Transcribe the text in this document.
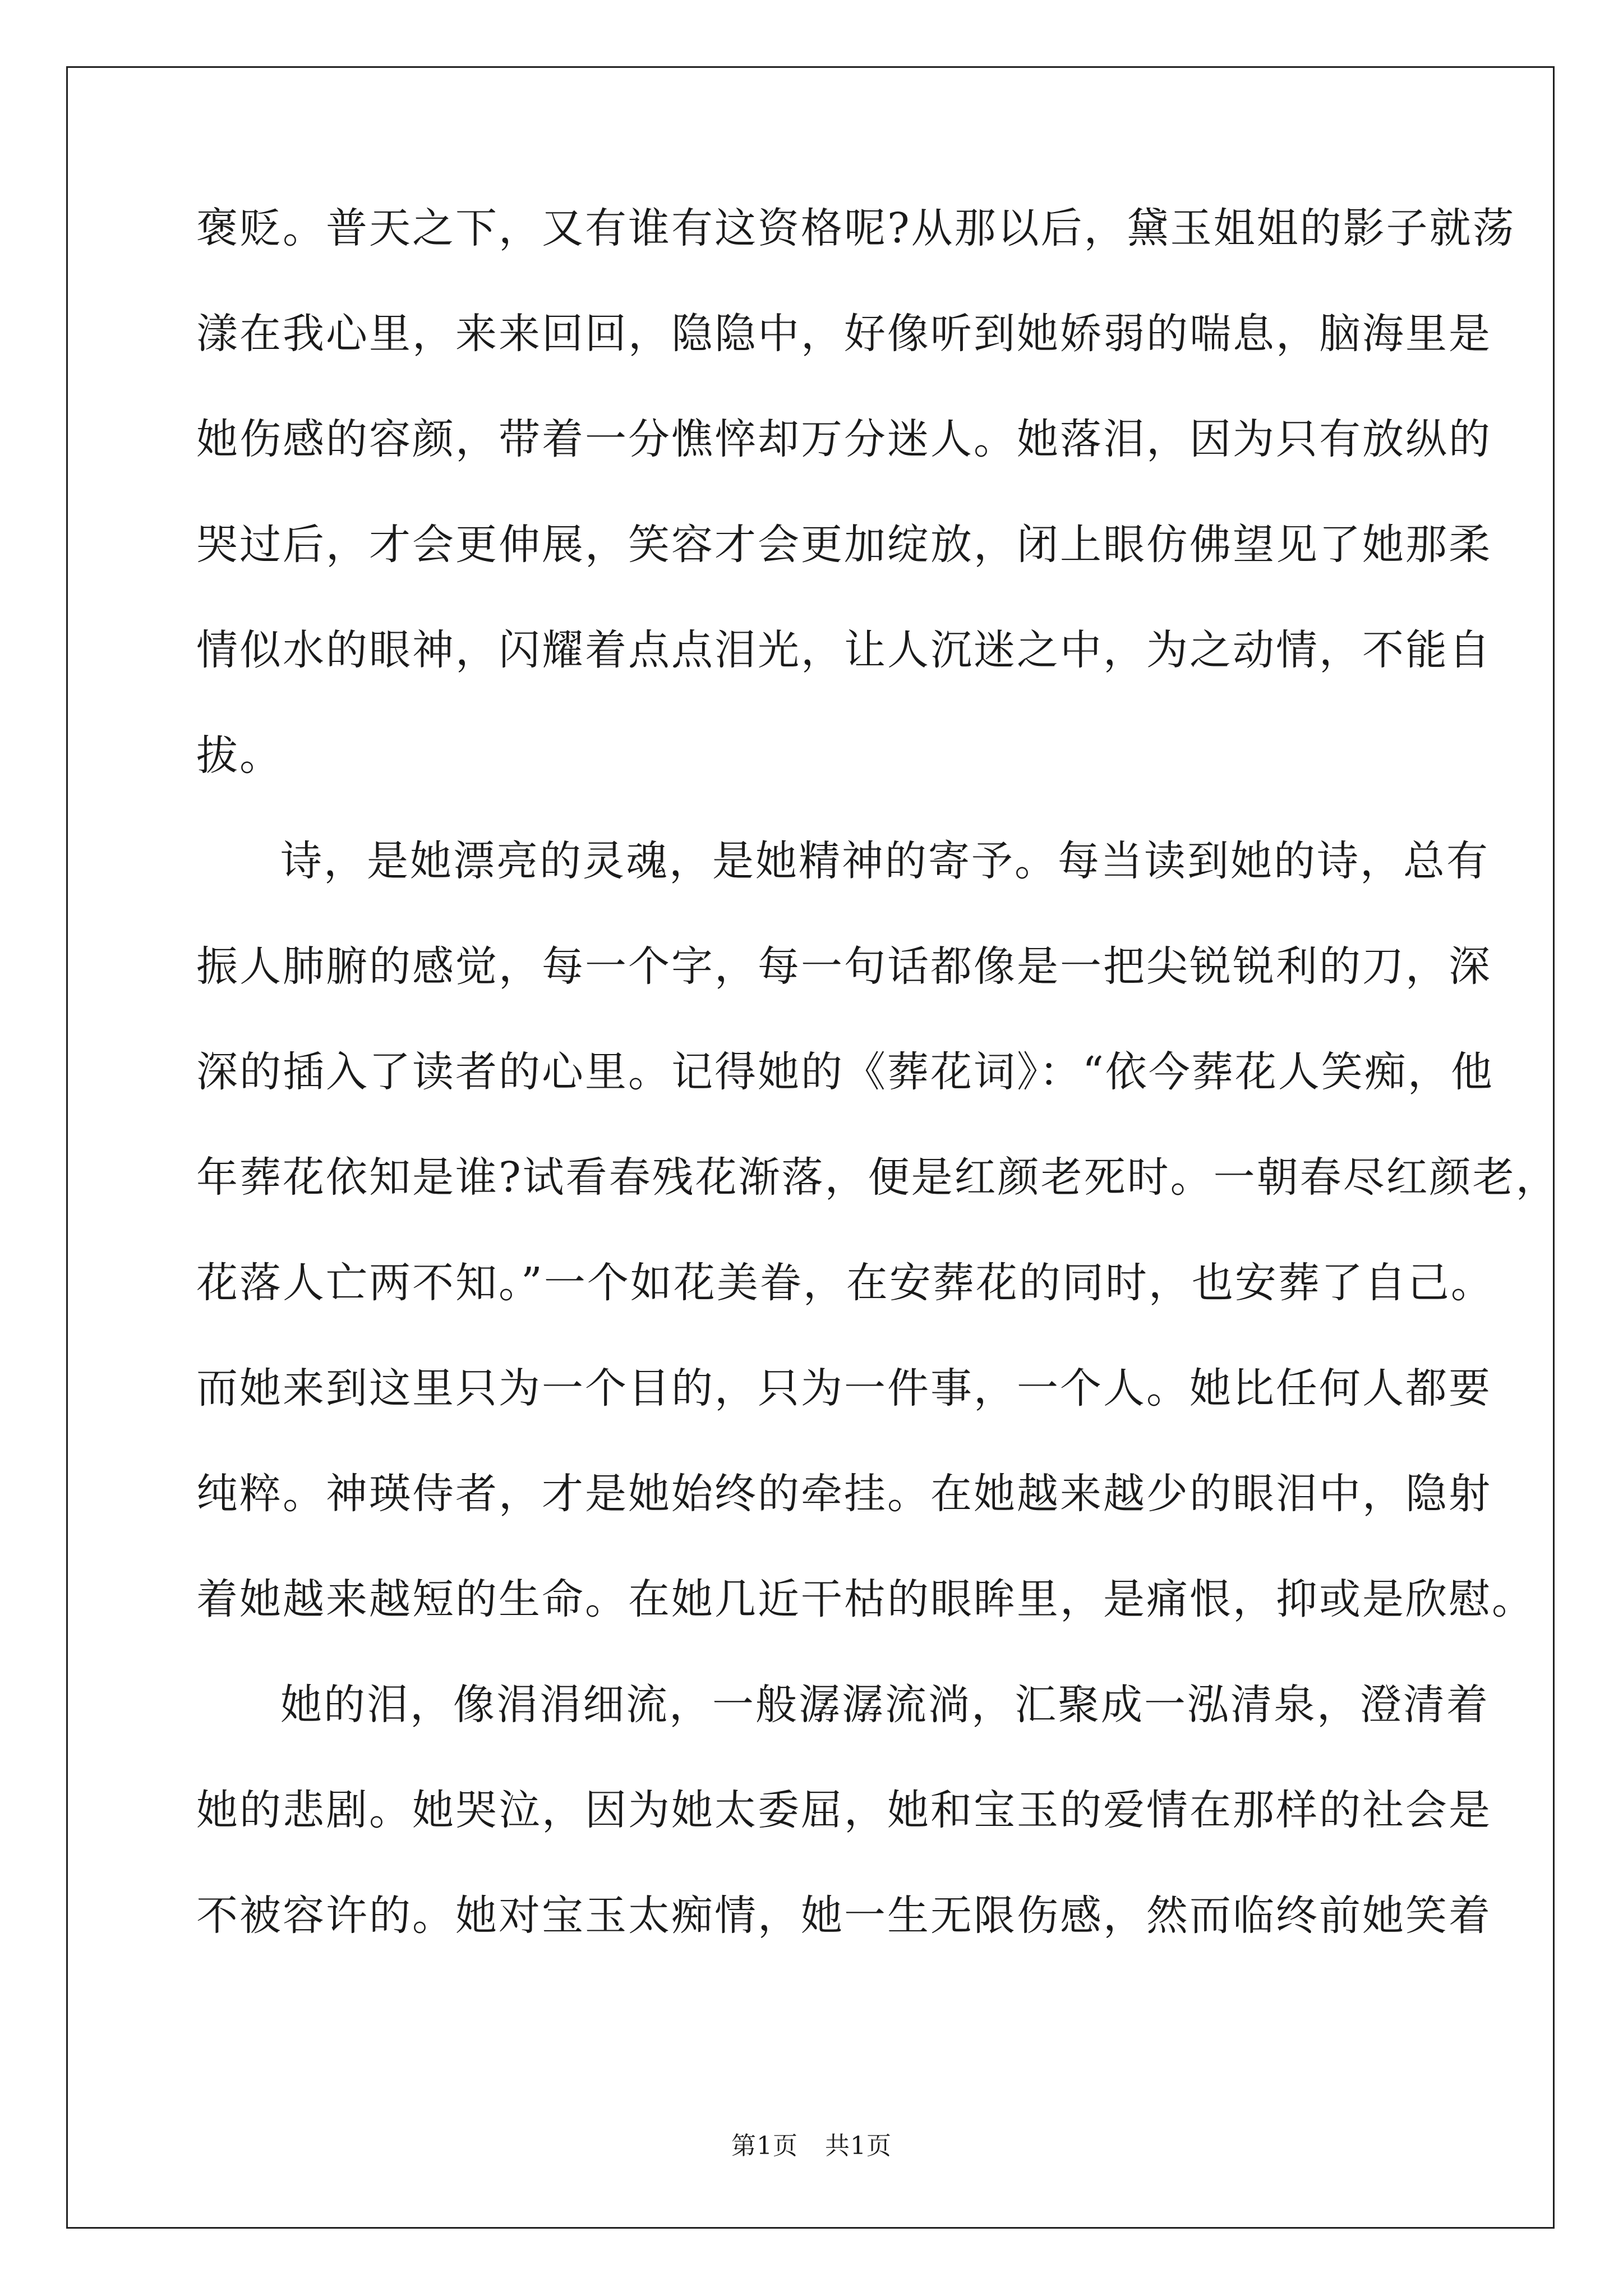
褒贬。普天之下，又有谁有这资格呢?从那以后，黛玉姐姐的影子就荡
漾在我心里，来来回回，隐隐中，好像听到她娇弱的喘息，脑海里是
她伤感的容颜，带着一分憔悴却万分迷人。她落泪，因为只有放纵的
哭过后，才会更伸展，笑容才会更加绽放，闭上眼仿佛望见了她那柔
情似水的眼神，闪耀着点点泪光，让人沉迷之中，为之动情，不能自
拔。
诗，是她漂亮的灵魂，是她精神的寄予。每当读到她的诗，总有
振人肺腑的感觉，每一个字，每一句话都像是一把尖锐锐利的刀，深
深的插入了读者的心里。记得她的《葬花词》：“依今葬花人笑痴，他
年葬花依知是谁?试看春残花渐落，便是红颜老死时。一朝春尽红颜老，
花落人亡两不知。”一个如花美眷，在安葬花的同时，也安葬了自己。
而她来到这里只为一个目的，只为一件事，一个人。她比任何人都要
纯粹。神瑛侍者，才是她始终的牵挂。在她越来越少的眼泪中，隐射
着她越来越短的生命。在她几近干枯的眼眸里，是痛恨，抑或是欣慰。
她的泪，像涓涓细流，一般潺潺流淌，汇聚成一泓清泉，澄清着
她的悲剧。她哭泣，因为她太委屈，她和宝玉的爱情在那样的社会是
不被容许的。她对宝玉太痴情，她一生无限伤感，然而临终前她笑着
第1页 共1页
